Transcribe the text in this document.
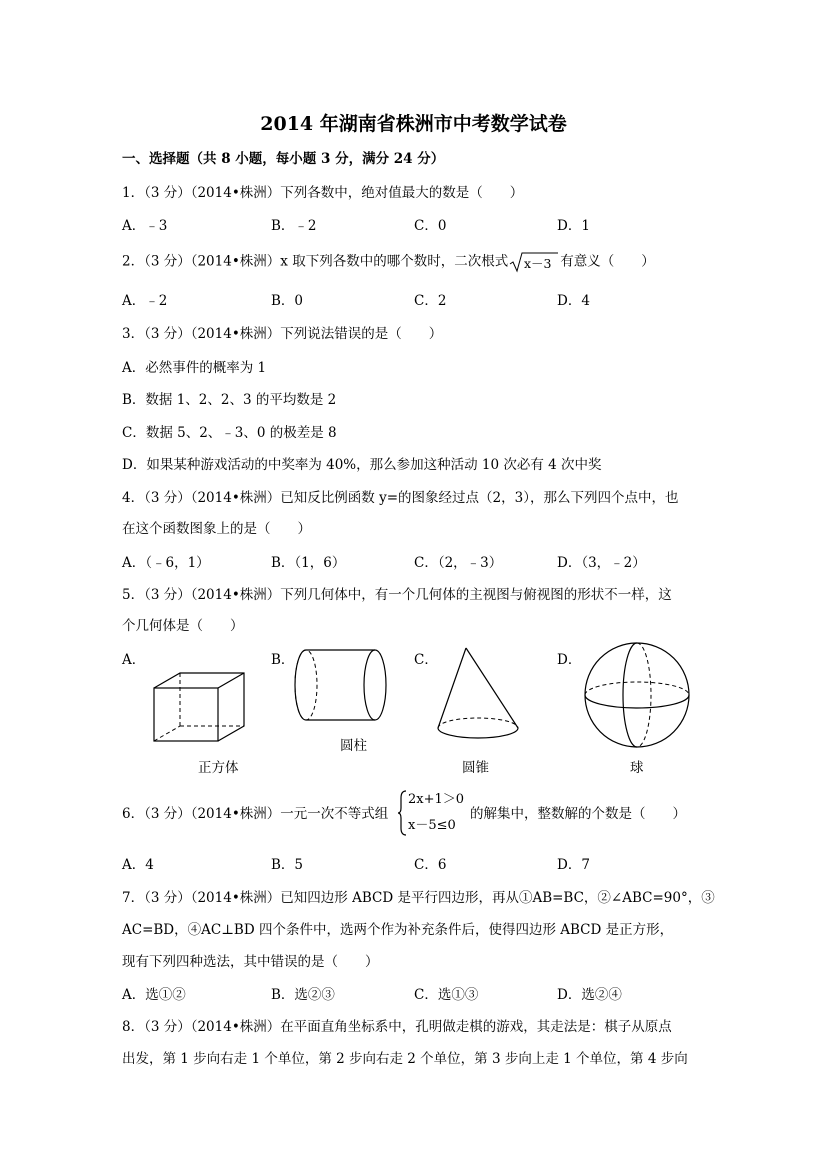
2014 年湖南省株洲市中考数学试卷
一、选择题（共 8 小题，每小题 3 分，满分 24 分）
1．（3 分）（2014•株洲）下列各数中，绝对值最大的数是（　　）
A．﹣3	B．﹣2	C．0	D．1
2．（3 分）（2014•株洲）x 取下列各数中的哪个数时，二次根式 x－3 有意义（　　）
A．﹣2	B．0	C．2	D．4
3．（3 分）（2014•株洲）下列说法错误的是（　　）
A．必然事件的概率为 1
B．数据 1、2、2、3 的平均数是 2
C．数据 5、2、﹣3、0 的极差是 8
D．如果某种游戏活动的中奖率为 40%，那么参加这种活动 10 次必有 4 次中奖
4．（3 分）（2014•株洲）已知反比例函数 y=的图象经过点（2，3），那么下列四个点中，也
在这个函数图象上的是（　　）
A．（﹣6，1）	B．（1，6）	C．（2，﹣3）	D．（3，﹣2）
5．（3 分）（2014•株洲）下列几何体中，有一个几何体的主视图与俯视图的形状不一样，这
个几何体是（　　）
A．	B．	C．	D．
正方体
圆柱
圆锥	球
6．（3 分）（2014•株洲）一元一次不等式组
2x+1＞0
x－5≤0
的解集中，整数解的个数是（　　）
A．4	B．5	C．6	D．7
7．（3 分）（2014•株洲）已知四边形 ABCD 是平行四边形，再从①AB=BC，②∠ABC=90°，③
AC=BD，④AC⊥BD 四个条件中，选两个作为补充条件后，使得四边形 ABCD 是正方形，
现有下列四种选法，其中错误的是（　　）
A．选①②	B．选②③	C．选①③	D．选②④
8．（3 分）（2014•株洲）在平面直角坐标系中，孔明做走棋的游戏，其走法是：棋子从原点
出发，第 1 步向右走 1 个单位，第 2 步向右走 2 个单位，第 3 步向上走 1 个单位，第 4 步向
